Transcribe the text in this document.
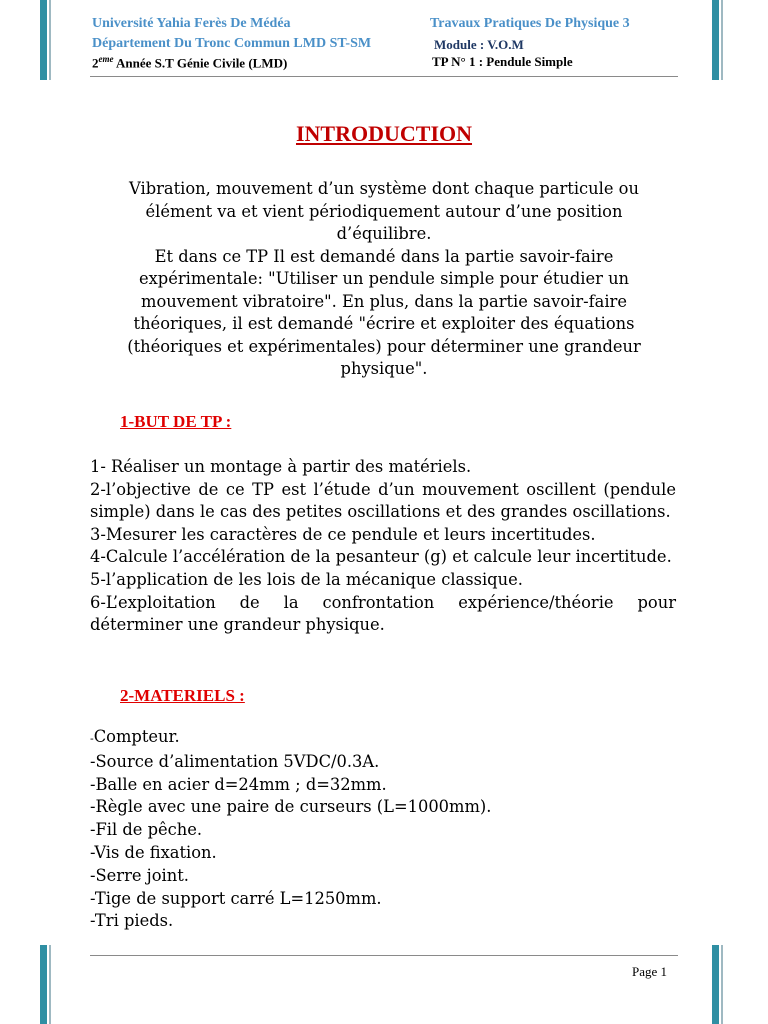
Université Yahia Ferès De Médéa	Travaux Pratiques De Physique 3
Département Du Tronc Commun LMD ST-SM	Module : V.O.M
2eme Année S.T Génie Civile (LMD)	TP N° 1 : Pendule Simple
INTRODUCTION
Vibration, mouvement d’un système dont chaque particule ou
élément va et vient périodiquement autour d’une position
d’équilibre.
Et dans ce TP Il est demandé dans la partie savoir-faire
expérimentale: "Utiliser un pendule simple pour étudier un
mouvement vibratoire". En plus, dans la partie savoir-faire
théoriques, il est demandé "écrire et exploiter des équations
(théoriques et expérimentales) pour déterminer une grandeur
physique".
1-BUT DE TP :

1- Réaliser un montage à partir des matériels.

2-l’objective de ce TP est l’étude d’un mouvement oscillent (pendule simple) dans le cas des petites oscillations et des grandes oscillations.

3-Mesurer les caractères de ce pendule et leurs incertitudes.

4-Calcule l’accélération de la pesanteur (g) et calcule leur incertitude.

5-l’application de les lois de la mécanique classique.

6-L’exploitation de la confrontation expérience/théorie pour déterminer une grandeur physique.

2-MATERIELS :

-Compteur.

-Source d’alimentation 5VDC/0.3A.

-Balle en acier d=24mm ; d=32mm.

-Règle avec une paire de curseurs (L=1000mm).

-Fil de pêche.

-Vis de fixation.

-Serre joint.

-Tige de support carré L=1250mm.

-Tri pieds.

Page 1
